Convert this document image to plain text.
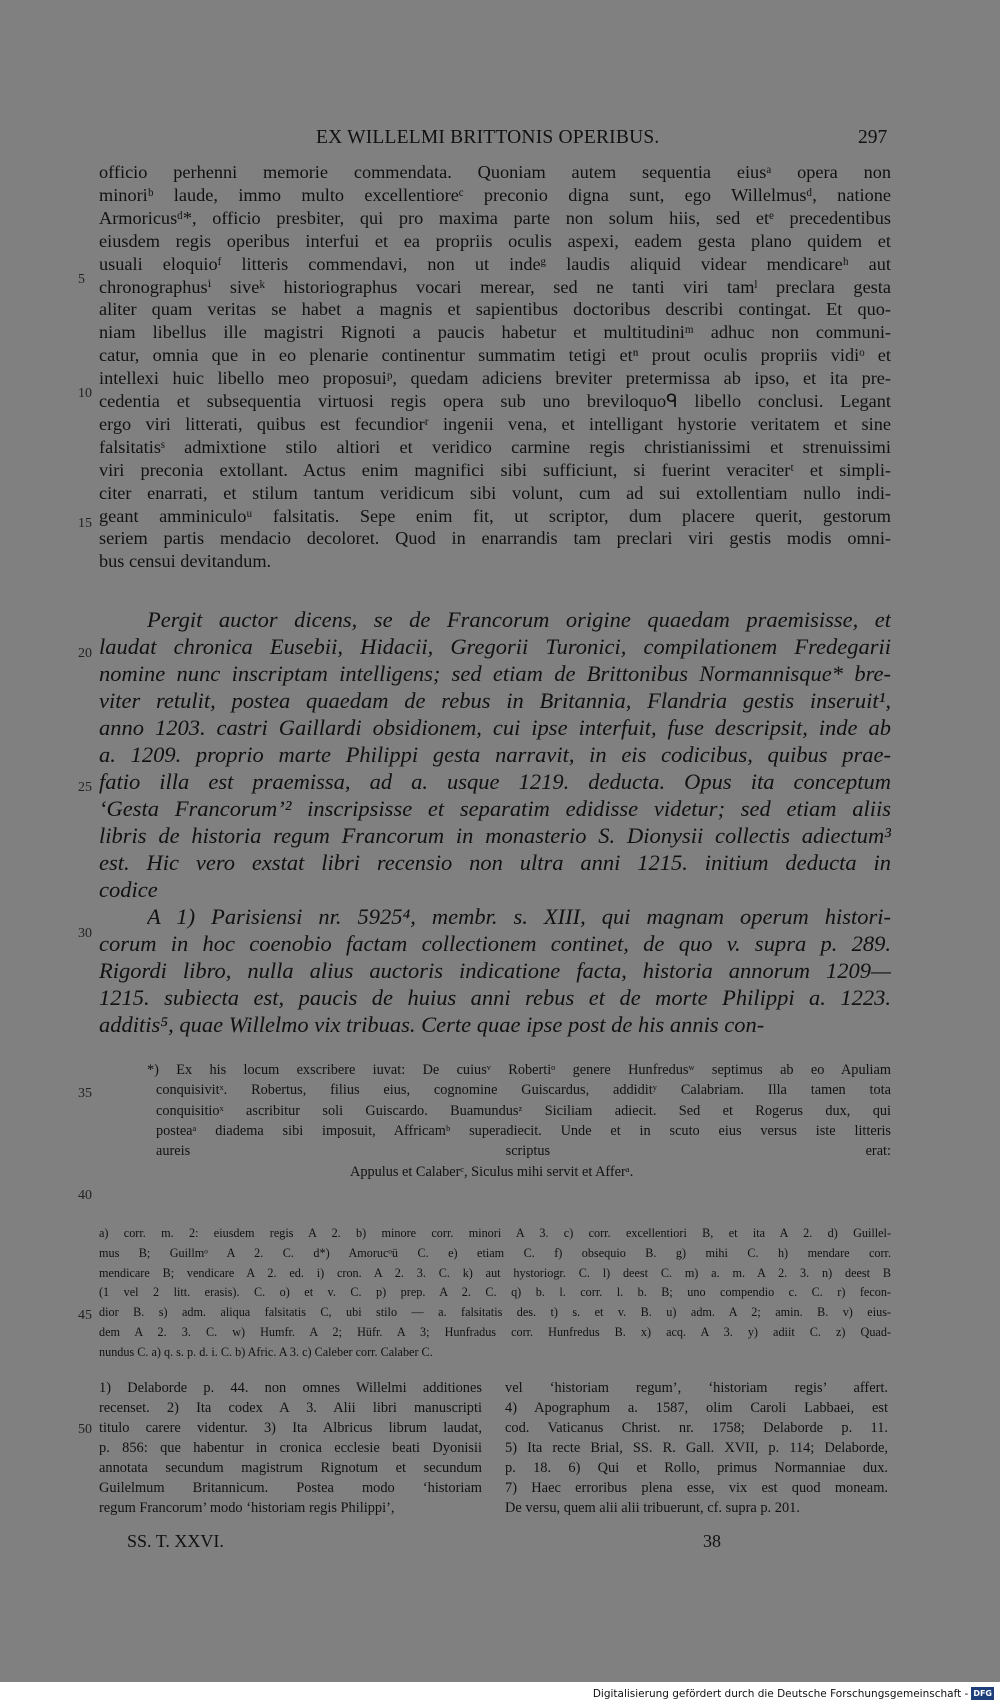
EX WILLELMI BRITTONIS OPERIBUS.	297
officio perhenni memorie commendata. Quoniam autem sequentia eiusᵃ opera non
minoriᵇ laude, immo multo excellentioreᶜ preconio digna sunt, ego Willelmusᵈ, natione
Armoricusᵈ*, officio presbiter, qui pro maxima parte non solum hiis, sed etᵉ precedentibus
eiusdem regis operibus interfui et ea propriis oculis aspexi, eadem gesta plano quidem et
usuali eloquioᶠ litteris commendavi, non ut indeᵍ laudis aliquid videar mendicareʰ aut
chronographusⁱ siveᵏ historiographus vocari merear, sed ne tanti viri tamˡ preclara gesta
aliter quam veritas se habet a magnis et sapientibus doctoribus describi contingat. Et quo-
niam libellus ille magistri Rignoti a paucis habetur et multitudiniᵐ adhuc non communi-
catur, omnia que in eo plenarie continentur summatim tetigi etⁿ prout oculis propriis vidiᵒ et
intellexi huic libello meo proposuiᵖ, quedam adiciens breviter pretermissa ab ipso, et ita pre-
cedentia et subsequentia virtuosi regis opera sub uno breviloquoᑫ libello conclusi. Legant
ergo viri litterati, quibus est fecundiorʳ ingenii vena, et intelligant hystorie veritatem et sine
falsitatisˢ admixtione stilo altiori et veridico carmine regis christianissimi et strenuissimi
viri preconia extollant. Actus enim magnifici sibi sufficiunt, si fuerint veraciterᵗ et simpli-
citer enarrati, et stilum tantum veridicum sibi volunt, cum ad sui extollentiam nullo indi-
geant amminiculoᵘ falsitatis. Sepe enim fit, ut scriptor, dum placere querit, gestorum
seriem partis mendacio decoloret. Quod in enarrandis tam preclari viri gestis modis omni-
bus censui devitandum.
Pergit auctor dicens, se de Francorum origine quaedam praemisisse, et
laudat chronica Eusebii, Hidacii, Gregorii Turonici, compilationem Fredegarii
nomine nunc inscriptam intelligens; sed etiam de Brittonibus Normannisque* bre-
viter retulit, postea quaedam de rebus in Britannia, Flandria gestis inseruit¹,
anno 1203. castri Gaillardi obsidionem, cui ipse interfuit, fuse descripsit, inde ab
a. 1209. proprio marte Philippi gesta narravit, in eis codicibus, quibus prae-
fatio illa est praemissa, ad a. usque 1219. deducta. Opus ita conceptum
‘Gesta Francorum’² inscripsisse et separatim edidisse videtur; sed etiam aliis
libris de historia regum Francorum in monasterio S. Dionysii collectis adiectum³
est. Hic vero exstat libri recensio non ultra anni 1215. initium deducta in
codice
A 1) Parisiensi nr. 5925⁴, membr. s. XIII, qui magnam operum histori-
corum in hoc coenobio factam collectionem continet, de quo v. supra p. 289.
Rigordi libro, nulla alius auctoris indicatione facta, historia annorum 1209—
1215. subiecta est, paucis de huius anni rebus et de morte Philippi a. 1223.
additis⁵, quae Willelmo vix tribuas. Certe quae ipse post de his annis con-
*) Ex his locum exscribere iuvat: De cuiusᵛ Robertiᵒ genere Hunfredusʷ septimus ab eo Apuliam
conquisivitˣ. Robertus, filius eius, cognomine Guiscardus, addiditʸ Calabriam. Illa tamen tota
conquisitioˣ ascribitur soli Guiscardo. Buamundusᶻ Siciliam adiecit. Sed et Rogerus dux, qui
posteaᵃ diadema sibi imposuit, Affricamᵇ superadiecit. Unde et in scuto eius versus iste litteris
aureis scriptus erat:
Appulus et Calaberᶜ, Siculus mihi servit et Afferᵃ.
a) corr. m. 2: eiusdem regis A 2. b) minore corr. minori A 3. c) corr. excellentiori B, et ita A 2. d) Guillel-
mus B; Guillmᵒ A 2. C. d*) Amorucᵒü C. e) etiam C. f) obsequio B. g) mihi C. h) mendare corr.
mendicare B; vendicare A 2. ed. i) cron. A 2. 3. C. k) aut hystoriogr. C. l) deest C. m) a. m. A 2. 3. n) deest B
(1 vel 2 litt. erasis). C. o) et v. C. p) prep. A 2. C. q) b. l. corr. l. b. B; uno compendio c. C. r) fecon-
dior B. s) adm. aliqua falsitatis C, ubi stilo — a. falsitatis des. t) s. et v. B. u) adm. A 2; amin. B. v) eius-
dem A 2. 3. C. w) Humfr. A 2; Hüfr. A 3; Hunfradus corr. Hunfredus B. x) acq. A 3. y) adiit C. z) Quad-
nundus C. a) q. s. p. d. i. C. b) Afric. A 3. c) Caleber corr. Calaber C.
5
10
15
20
25
30
35
40
45
50
1) Delaborde p. 44. non omnes Willelmi additiones
recenset. 2) Ita codex A 3. Alii libri manuscripti
titulo carere videntur. 3) Ita Albricus librum laudat,
p. 856: que habentur in cronica ecclesie beati Dyonisii
annotata secundum magistrum Rignotum et secundum
Guilelmum Britannicum. Postea modo ‘historiam
regum Francorum’ modo ‘historiam regis Philippi’,
vel ‘historiam regum’, ‘historiam regis’ affert.
4) Apographum a. 1587, olim Caroli Labbaei, est
cod. Vaticanus Christ. nr. 1758; Delaborde p. 11.
5) Ita recte Brial, SS. R. Gall. XVII, p. 114; Delaborde,
p. 18. 6) Qui et Rollo, primus Normanniae dux.
7) Haec erroribus plena esse, vix est quod moneam.
De versu, quem alii alii tribuerunt, cf. supra p. 201.
SS. T. XXVI.	38
Digitalisierung gefördert durch die Deutsche Forschungsgemeinschaft - DFG
